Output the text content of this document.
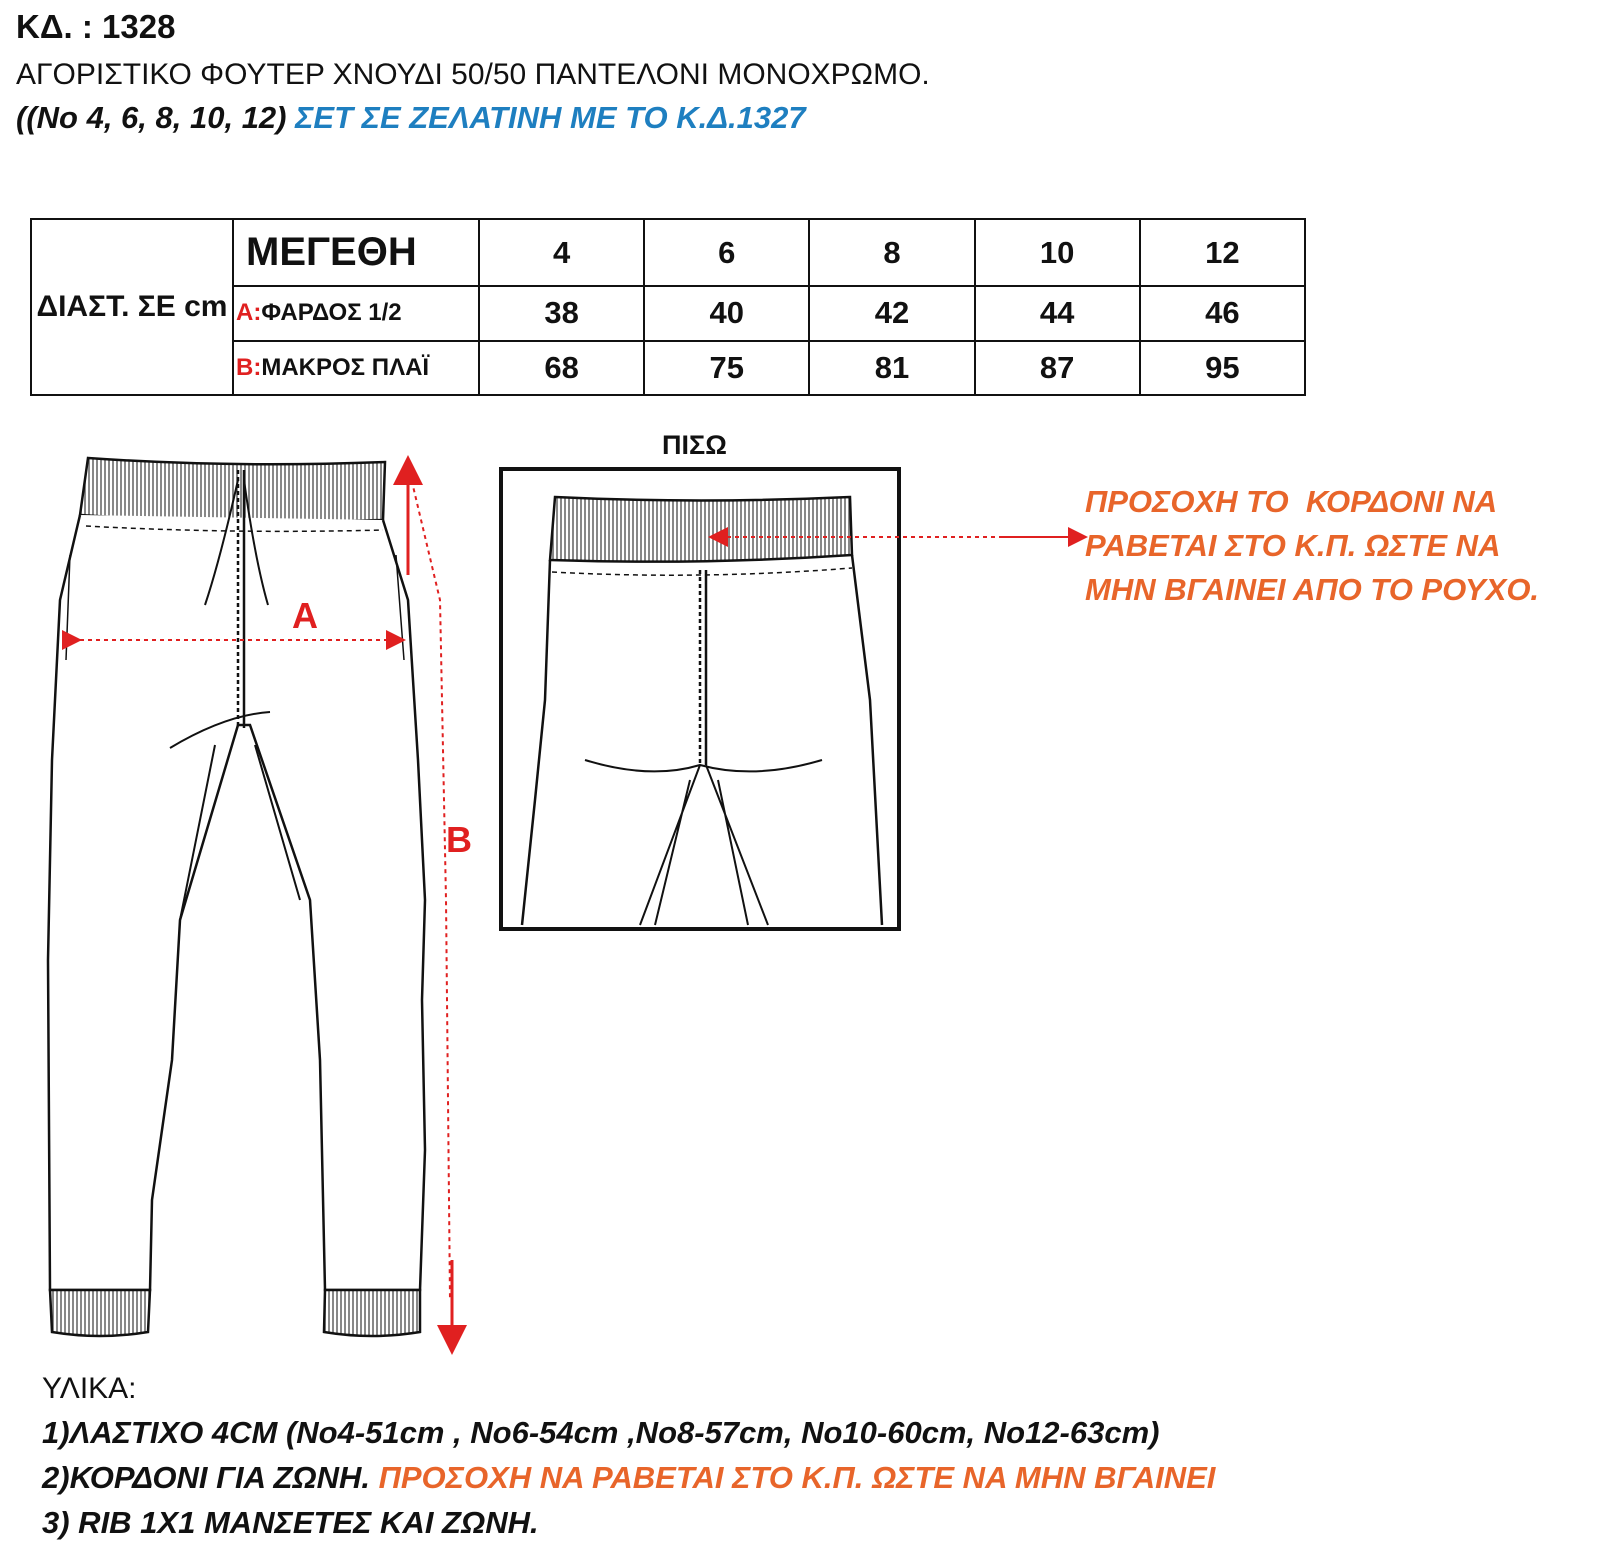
ΚΔ. : 1328
ΑΓΟΡΙΣΤΙΚΟ ΦΟΥΤΕΡ ΧΝΟΥΔΙ 50/50 ΠΑΝΤΕΛΟΝΙ ΜΟΝΟΧΡΩΜΟ.
((Νο 4, 6, 8, 10, 12) ΣΕΤ ΣΕ ΖΕΛΑΤΙΝΗ ΜΕ ΤΟ Κ.Δ.1327
ΔΙΑΣΤ. ΣΕ cm	ΜΕΓΕΘΗ	4	6	8	10	12
	Α:ΦΑΡΔΟΣ 1/2	38	40	42	44	46
	Β:ΜΑΚΡΟΣ ΠΛΑΪ	68	75	81	87	95
A
B
ΠΙΣΩ
ΠΡΟΣΟΧΗ ΤΟ  ΚΟΡΔΟΝΙ ΝΑ
ΡΑΒΕΤΑΙ ΣΤΟ Κ.Π. ΩΣΤΕ ΝΑ
ΜΗΝ ΒΓΑΙΝΕΙ ΑΠΟ ΤΟ ΡΟΥΧΟ.
ΥΛΙΚΑ:
1)ΛΑΣΤΙΧΟ 4CM (Νο4-51cm , Νο6-54cm ,Νο8-57cm, Νο10-60cm, Νο12-63cm)
2)ΚΟΡΔΟΝΙ ΓΙΑ ΖΩΝΗ. ΠΡΟΣΟΧΗ ΝΑ ΡΑΒΕΤΑΙ ΣΤΟ Κ.Π. ΩΣΤΕ ΝΑ ΜΗΝ ΒΓΑΙΝΕΙ
3) RIB 1X1 ΜΑΝΣΕΤΕΣ ΚΑΙ ΖΩΝΗ.
